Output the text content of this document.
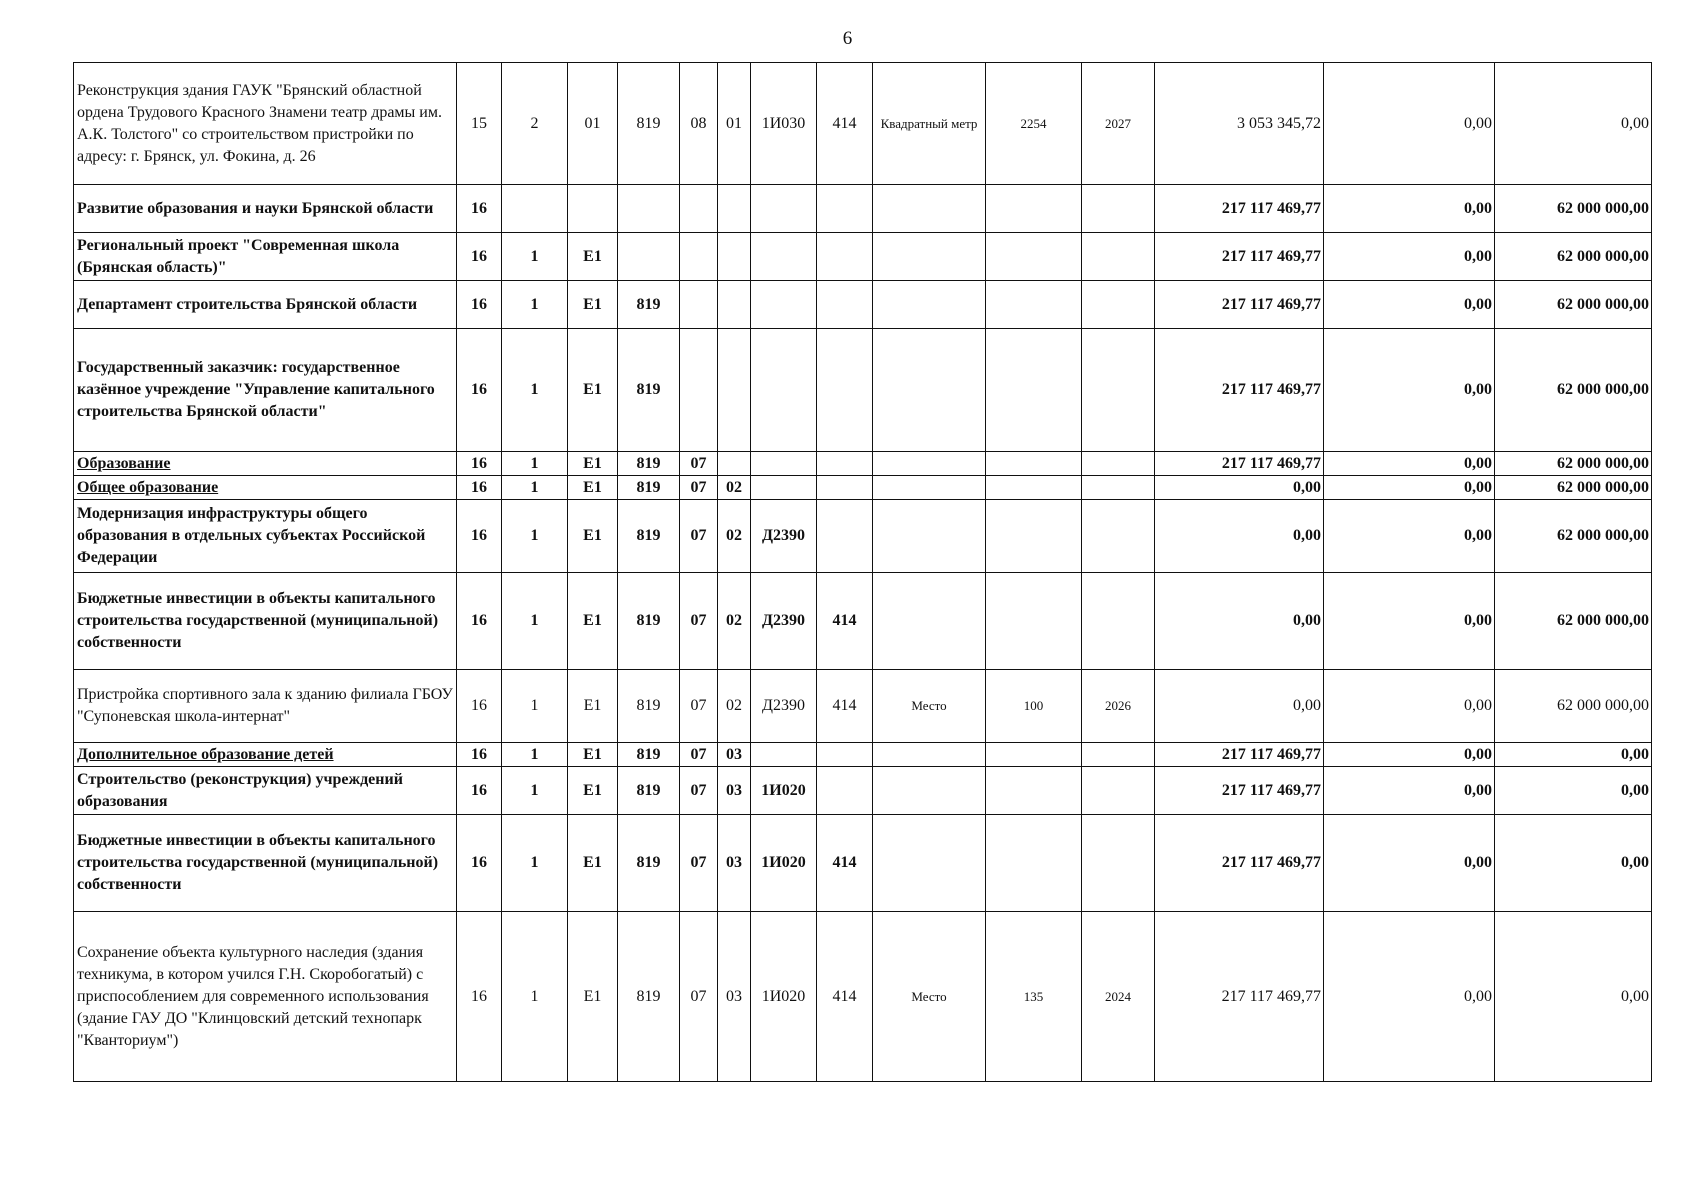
6
Реконструкция здания ГАУК "Брянский областной ордена Трудового Красного Знамени театр драмы им. А.К. Толстого" со строительством пристройки по адресу: г. Брянск, ул. Фокина, д. 26	15	2	01	819	08	01	1И030	414	Квадратный метр	2254	2027	3 053 345,72	0,00	0,00
Развитие образования и науки Брянской области	16											217 117 469,77	0,00	62 000 000,00
Региональный проект "Современная школа (Брянская область)"	16	1	Е1									217 117 469,77	0,00	62 000 000,00
Департамент строительства Брянской области	16	1	Е1	819								217 117 469,77	0,00	62 000 000,00
Государственный заказчик: государственное казённое учреждение "Управление капитального строительства Брянской области"	16	1	Е1	819								217 117 469,77	0,00	62 000 000,00
Образование	16	1	Е1	819	07							217 117 469,77	0,00	62 000 000,00
Общее образование	16	1	Е1	819	07	02						0,00	0,00	62 000 000,00
Модернизация инфраструктуры общего образования в отдельных субъектах Российской Федерации	16	1	Е1	819	07	02	Д2390					0,00	0,00	62 000 000,00
Бюджетные инвестиции в объекты капитального строительства государственной (муниципальной) собственности	16	1	Е1	819	07	02	Д2390	414				0,00	0,00	62 000 000,00
Пристройка спортивного зала к зданию филиала ГБОУ "Супоневская школа-интернат"	16	1	Е1	819	07	02	Д2390	414	Место	100	2026	0,00	0,00	62 000 000,00
Дополнительное образование детей	16	1	Е1	819	07	03						217 117 469,77	0,00	0,00
Строительство (реконструкция) учреждений образования	16	1	Е1	819	07	03	1И020					217 117 469,77	0,00	0,00
Бюджетные инвестиции в объекты капитального строительства государственной (муниципальной) собственности	16	1	Е1	819	07	03	1И020	414				217 117 469,77	0,00	0,00
Сохранение объекта культурного наследия (здания техникума, в котором учился Г.Н. Скоробогатый) с приспособлением для современного использования (здание ГАУ ДО "Клинцовский детский технопарк "Кванториум")	16	1	Е1	819	07	03	1И020	414	Место	135	2024	217 117 469,77	0,00	0,00
